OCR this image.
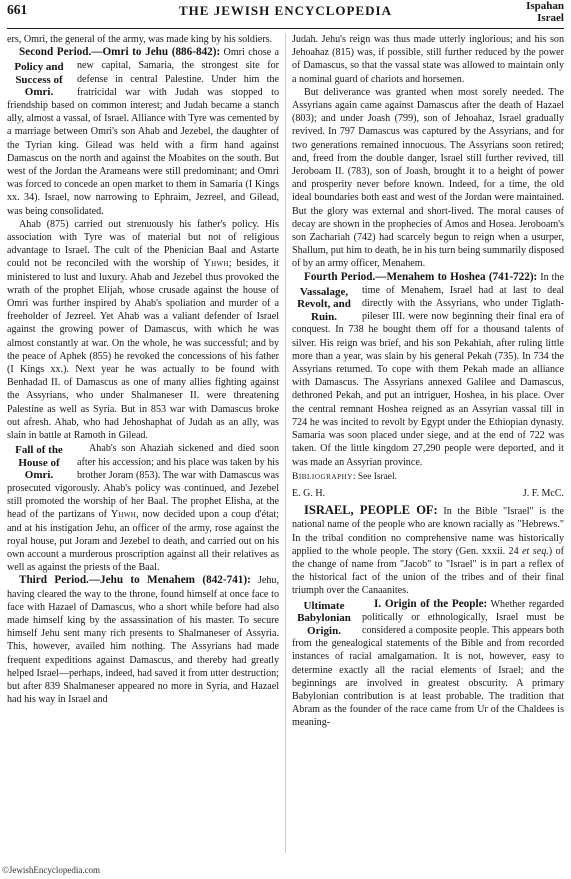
661	THE JEWISH ENCYCLOPEDIA	Ispahan
Israel

ers, Omri, the general of the army, was made king by his soldiers.

Second Period.—Omri to Jehu (886-842):
Policy and Success of Omri.
Omri chose a new capital, Samaria, the strongest site for defense in central Palestine. Under him the fratricidal war with Judah was stopped to friendship based on common interest; and Judah became a stanch ally, almost a vassal, of Israel. Alliance with Tyre was cemented by a marriage between Omri's son Ahab and Jezebel, the daughter of the Tyrian king. Gilead was held with a firm hand against Damascus on the north and against the Moabites on the south. But west of the Jordan the Arameans were still predominant; and Omri was forced to concede an open market to them in Samaria (I Kings xx. 34). Israel, now narrowing to Ephraim, Jezreel, and Gilead, was being consolidated.

Ahab (875) carried out strenuously his father's policy. His association with Tyre was of material but not of religious advantage to Israel. The cult of the Phenician Baal and Astarte could not be reconciled with the worship of Yhwh; besides, it ministered to lust and luxury. Ahab and Jezebel thus provoked the wrath of the prophet Elijah, whose crusade against the house of Omri was further inspired by Ahab's spoliation and murder of a freeholder of Jezreel. Yet Ahab was a valiant defender of Israel against the growing power of Damascus, with which he was almost constantly at war. On the whole, he was successful; and by the peace of Aphek (855) he revoked the concessions of his father (I Kings xx.). Next year he was actually to be found with Benhadad II. of Damascus as one of many allies fighting against the Assyrians, who under Shalmaneser II. were threatening Palestine as well as Syria. But in 853 war with Damascus broke out afresh. Ahab, who had Jehoshaphat of Judah as an ally, was slain in battle at Ramoth in Gilead.

Fall of the House of Omri.
Ahab's son Ahaziah sickened and died soon after his accession; and his place was taken by his brother Joram (853). The war with Damascus was prosecuted vigorously. Ahab's policy was continued, and Jezebel still promoted the worship of her Baal. The prophet Elisha, at the head of the partizans of Yhwh, now decided upon a coup d'état; and at his instigation Jehu, an officer of the army, rose against the royal house, put Joram and Jezebel to death, and carried out on his own account a murderous proscription against all their relatives as well as against the priests of the Baal.

Third Period.—Jehu to Menahem (842-741): Jehu, having cleared the way to the throne, found himself at once face to face with Hazael of Damascus, who a short while before had also made himself king by the assassination of his master. To secure himself Jehu sent many rich presents to Shalmaneser of Assyria. This, however, availed him nothing. The Assyrians had made frequent expeditions against Damascus, and thereby had greatly helped Israel—perhaps, indeed, had saved it from utter destruction; but after 839 Shalmaneser appeared no more in Syria, and Hazael had his way in Israel and

Judah. Jehu's reign was thus made utterly inglorious; and his son Jehoahaz (815) was, if possible, still further reduced by the power of Damascus, so that the vassal state was allowed to maintain only a nominal guard of chariots and horsemen.

But deliverance was granted when most sorely needed. The Assyrians again came against Damascus after the death of Hazael (803); and under Joash (799), son of Jehoahaz, Israel gradually revived. In 797 Damascus was captured by the Assyrians, and for two generations remained innocuous. The Assyrians soon retired; and, freed from the double danger, Israel still further revived, till Jeroboam II. (783), son of Joash, brought it to a height of power and prosperity never before known. Indeed, for a time, the old ideal boundaries both east and west of the Jordan were maintained. But the glory was external and short-lived. The moral causes of decay are shown in the prophecies of Amos and Hosea. Jeroboam's son Zachariah (742) had scarcely begun to reign when a usurper, Shallum, put him to death, he in his turn being summarily disposed of by an army officer, Menahem.

Fourth Period.—Menahem to Hoshea (741-722):
Vassalage, Revolt, and Ruin.
In the time of Menahem, Israel had at last to deal directly with the Assyrians, who under Tiglath-pileser III. were now beginning their final era of conquest. In 738 he bought them off for a thousand talents of silver. His reign was brief, and his son Pekahiah, after ruling little more than a year, was slain by his general Pekah (735). In 734 the Assyrians returned. To cope with them Pekah made an alliance with Damascus. The Assyrians annexed Galilee and Damascus, dethroned Pekah, and put an intriguer, Hoshea, in his place. Over the central remnant Hoshea reigned as an Assyrian vassal till in 724 he was incited to revolt by Egypt under the Ethiopian dynasty. Samaria was soon placed under siege, and at the end of 722 was taken. Of the little kingdom 27,290 people were deported, and it was made an Assyrian province.

Bibliography: See Israel.
E. G. H.	J. F. McC.

ISRAEL, PEOPLE OF: In the Bible "Israel" is the national name of the people who are known racially as "Hebrews." In the tribal condition no comprehensive name was historically applied to the whole people. The story (Gen. xxxii. 24 et seq.) of the change of name from "Jacob" to "Israel" is in part a reflex of the historical fact of the union of the tribes and of their final triumph over the Canaanites.

I. Origin of the People:
Ultimate Babylonian Origin.
Whether regarded politically or ethnologically, Israel must be considered a composite people. This appears both from the genealogical statements of the Bible and from recorded instances of racial amalgamation. It is not, however, easy to determine exactly all the racial elements of Israel; and the beginnings are involved in greatest obscurity. A primary Babylonian contribution is at least probable. The tradition that Abram as the founder of the race came from Ur of the Chaldees is meaning-

©JewishEncyclopedia.com
